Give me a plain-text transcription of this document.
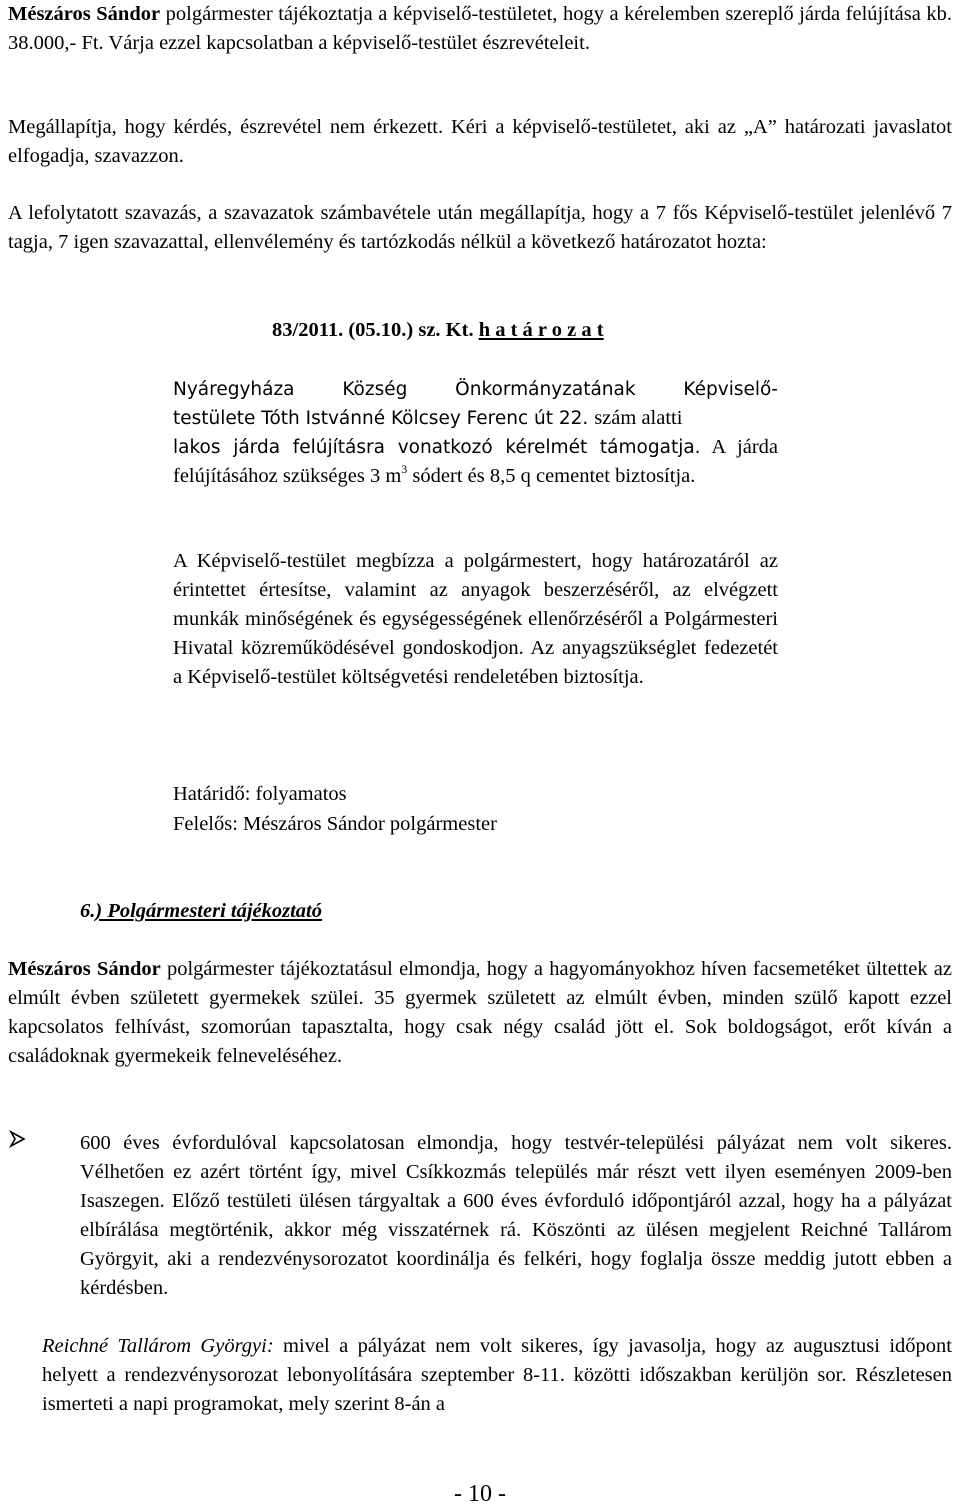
Mészáros Sándor polgármester tájékoztatja a képviselő-testületet, hogy a kérelemben szereplő járda felújítása kb. 38.000,- Ft. Várja ezzel kapcsolatban a képviselő-testület észrevételeit.

Megállapítja, hogy kérdés, észrevétel nem érkezett. Kéri a képviselő-testületet, aki az „A” határozati javaslatot elfogadja, szavazzon.

A lefolytatott szavazás, a szavazatok számbavétele után megállapítja, hogy a 7 fős Képviselő-testület jelenlévő 7 tagja, 7 igen szavazattal, ellenvélemény és tartózkodás nélkül a következő határozatot hozta:

83/2011. (05.10.) sz. Kt. h a t á r o z a t
Nyáregyháza Község Önkormányzatának Képviselő-
testülete Tóth Istvánné Kölcsey Ferenc út 22. szám alatti

lakos járda felújításra vonatkozó kérelmét támogatja. A járda felújításához szükséges 3 $m^3$ sódert és 8,5 q cementet biztosítja.

A Képviselő-testület megbízza a polgármestert, hogy határozatáról az érintettet értesítse, valamint az anyagok beszerzéséről, az elvégzett munkák minőségének és egységességének ellenőrzéséről a Polgármesteri Hivatal közreműködésével gondoskodjon. Az anyagszükséglet fedezetét a Képviselő-testület költségvetési rendeletében biztosítja.

Határidő: folyamatos
Felelős: Mészáros Sándor polgármester
6.) Polgármesteri tájékoztató

Mészáros Sándor polgármester tájékoztatásul elmondja, hogy a hagyományokhoz híven facsemetéket ültettek az elmúlt évben született gyermekek szülei. 35 gyermek született az elmúlt évben, minden szülő kapott ezzel kapcsolatos felhívást, szomorúan tapasztalta, hogy csak négy család jött el. Sok boldogságot, erőt kíván a családoknak gyermekeik felneveléséhez.

600 éves évfordulóval kapcsolatosan elmondja, hogy testvér-települési pályázat nem volt sikeres. Vélhetően ez azért történt így, mivel Csíkkozmás település már részt vett ilyen eseményen 2009-ben Isaszegen. Előző testületi ülésen tárgyaltak a 600 éves évforduló időpontjáról azzal, hogy ha a pályázat elbírálása megtörténik, akkor még visszatérnek rá. Köszönti az ülésen megjelent Reichné Tallárom Györgyit, aki a rendezvénysorozatot koordinálja és felkéri, hogy foglalja össze meddig jutott ebben a kérdésben.

Reichné Tallárom Györgyi: mivel a pályázat nem volt sikeres, így javasolja, hogy az augusztusi időpont helyett a rendezvénysorozat lebonyolítására szeptember 8-11. közötti időszakban kerüljön sor. Részletesen ismerteti a napi programokat, mely szerint 8-án a

- 10 -
